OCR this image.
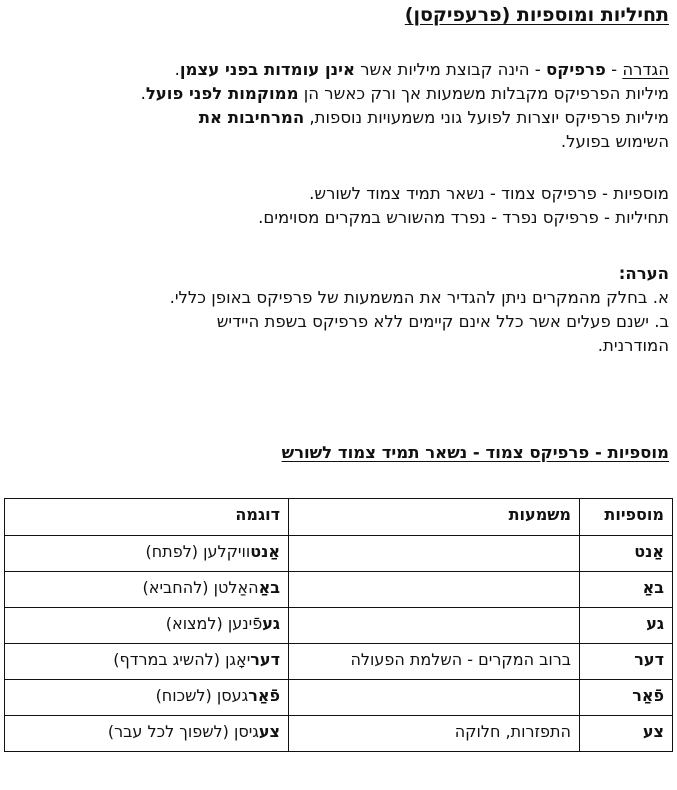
תחיליות ומוספיות (פרעפיקסן)
הגדרה - פרפיקס - הינה קבוצת מיליות אשר אינן עומדות בפני עצמן.
מיליות הפרפיקס מקבלות משמעות אך ורק כאשר הן ממוקמות לפני פועל.
מיליות פרפיקס יוצרות לפועל גוני משמעויות נוספות, המרחיבות את
השימוש בפועל.
מוספיות - פרפיקס צמוד - נשאר תמיד צמוד לשורש.
תחיליות - פרפיקס נפרד - נפרד מהשורש במקרים מסוימים.
הערה:
א. בחלק מהמקרים ניתן להגדיר את המשמעות של פרפיקס באופן כללי.
ב. ישנם פעלים אשר כלל אינם קיימים ללא פרפיקס בשפת היידיש
המודרנית.
מוספיות - פרפיקס צמוד - נשאר תמיד צמוד לשורש
מוספיות	משמעות	דוגמה
אַנט		אַנטוויקלען (לפתח)
באַ		באַהאַלטן (להחביא)
גע		געפֿינען (למצוא)
דער	ברוב המקרים - השלמת הפעולה	דעריאָגן (להשיג במרדף)
פֿאַר		פֿאַרגעסן (לשכוח)
צע	התפזרות, חלוקה	צעגיסן (לשפוך לכל עבר)
